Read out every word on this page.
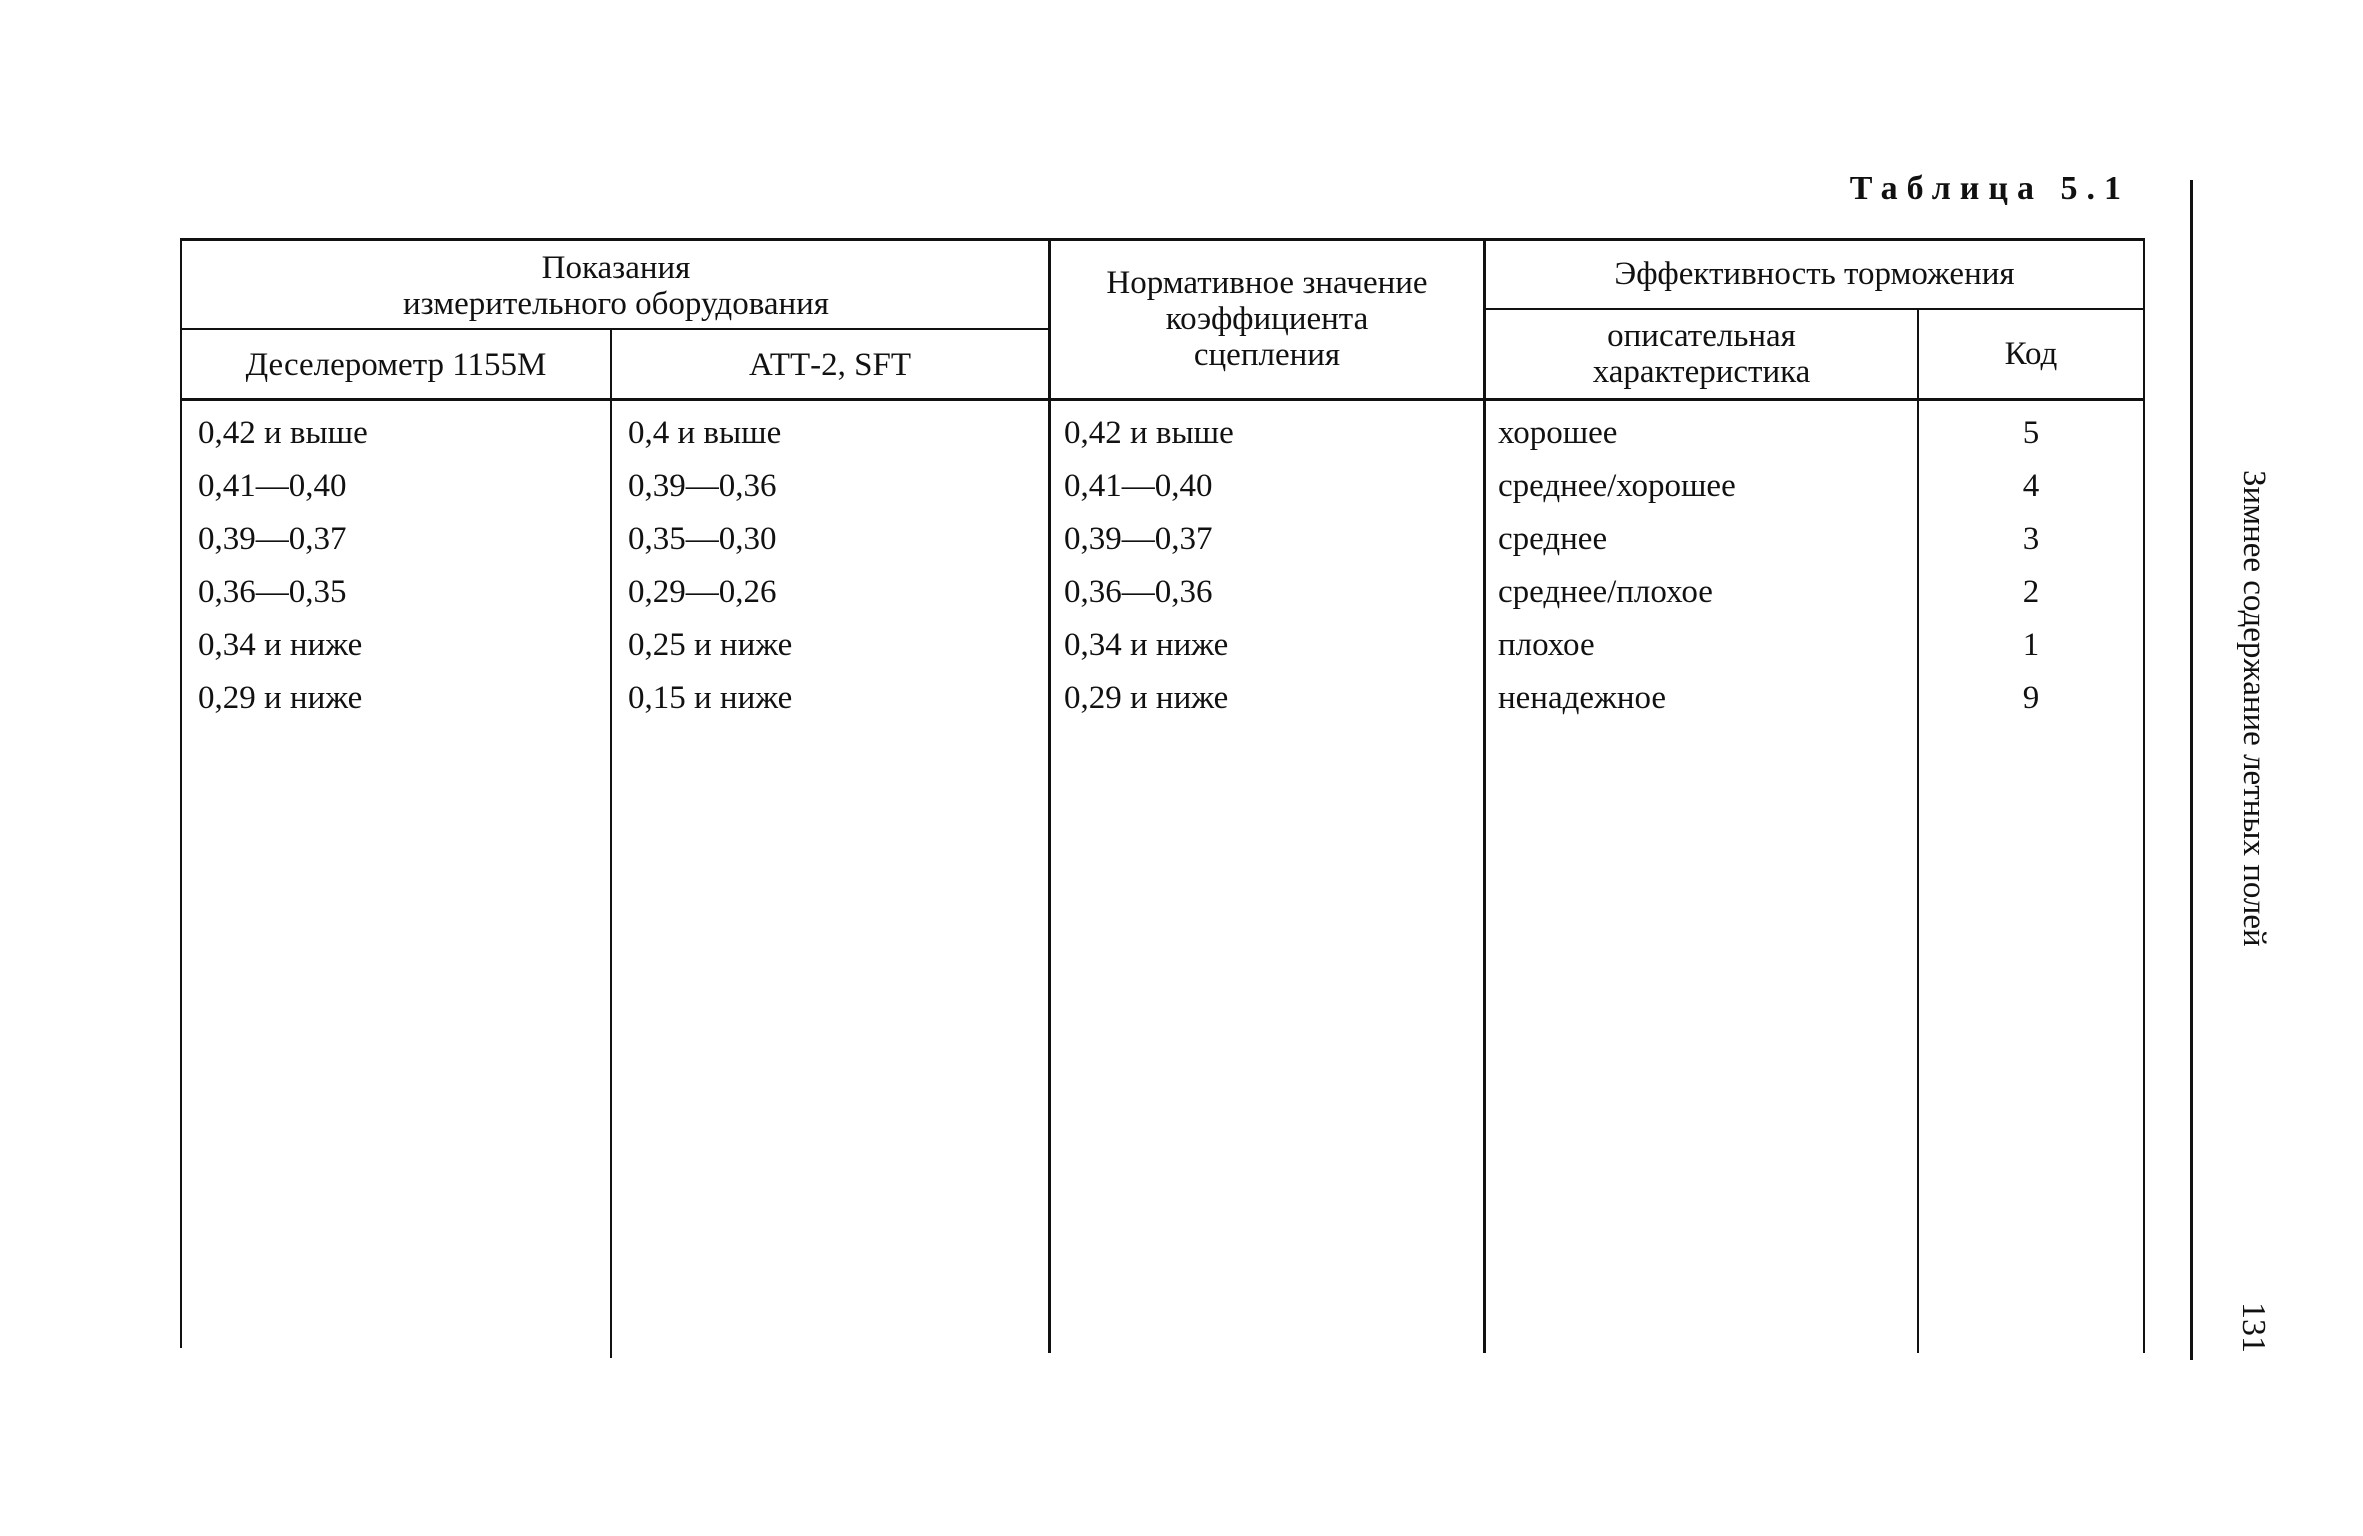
Таблица 5.1
Показания
измерительного оборудования
Деселерометр 1155М	АТТ-2, SFT
Нормативное значение
коэффициента
сцепления
Эффективность торможения
описательная
характеристика	Код
0,42 и выше	0,4 и выше	0,42 и выше	хорошее	5
0,41—0,40	0,39—0,36	0,41—0,40	среднее/хорошее	4
0,39—0,37	0,35—0,30	0,39—0,37	среднее	3
0,36—0,35	0,29—0,26	0,36—0,36	среднее/плохое	2
0,34 и ниже	0,25 и ниже	0,34 и ниже	плохое	1
0,29 и ниже	0,15 и ниже	0,29 и ниже	ненадежное	9	Зимнее содержание летных полей
131
